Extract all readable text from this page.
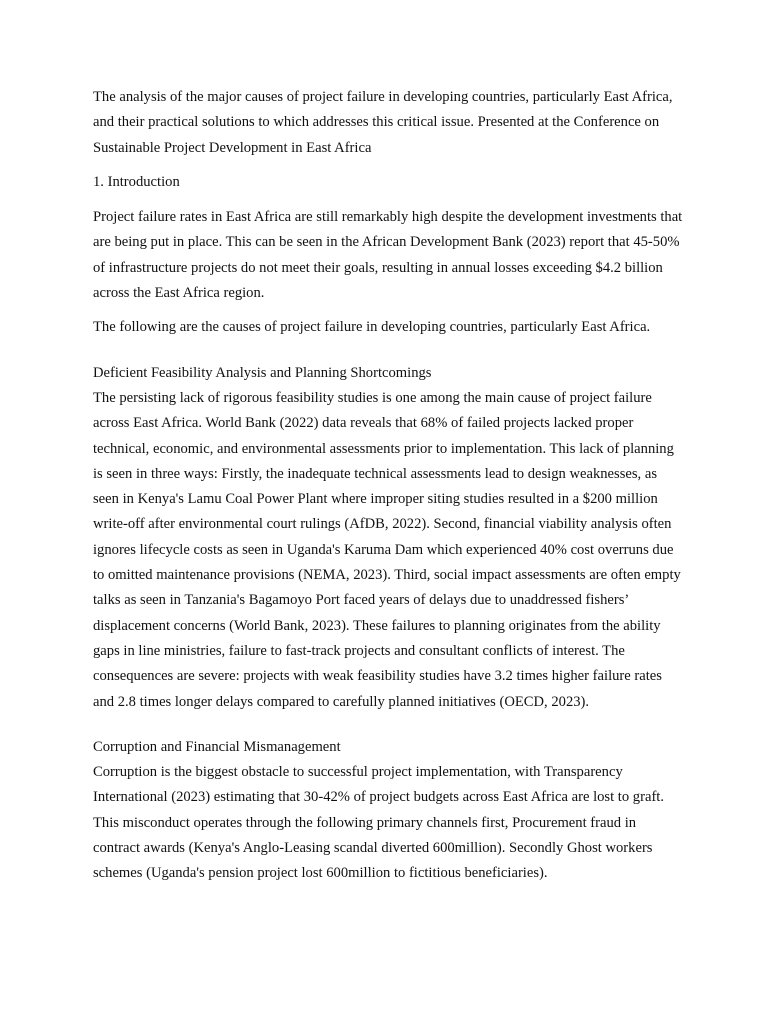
The analysis of the major causes of project failure in developing countries, particularly East Africa, and their practical solutions to which addresses this critical issue. Presented at the Conference on Sustainable Project Development in East Africa

1. Introduction

Project failure rates in East Africa are still remarkably high despite the development investments that are being put in place. This can be seen in the African Development Bank (2023) report that 45-50% of infrastructure projects do not meet their goals, resulting in annual losses exceeding $4.2 billion across the East Africa region.

The following are the causes of project failure in developing countries, particularly East Africa.

Deficient Feasibility Analysis and Planning Shortcomings

The persisting lack of rigorous feasibility studies is one among the main cause of project failure across East Africa. World Bank (2022) data reveals that 68% of failed projects lacked proper technical, economic, and environmental assessments prior to implementation. This lack of planning is seen in three ways: Firstly, the inadequate technical assessments lead to design weaknesses, as seen in Kenya's Lamu Coal Power Plant where improper siting studies resulted in a $200 million write-off after environmental court rulings (AfDB, 2022). Second, financial viability analysis often ignores lifecycle costs as seen in Uganda's Karuma Dam which experienced 40% cost overruns due to omitted maintenance provisions (NEMA, 2023). Third, social impact assessments are often empty talks as seen in Tanzania's Bagamoyo Port faced years of delays due to unaddressed fishers’ displacement concerns (World Bank, 2023). These failures to planning originates from the ability gaps in line ministries, failure to fast-track projects and consultant conflicts of interest. The consequences are severe: projects with weak feasibility studies have 3.2 times higher failure rates and 2.8 times longer delays compared to carefully planned initiatives (OECD, 2023).

Corruption and Financial Mismanagement

Corruption is the biggest obstacle to successful project implementation, with Transparency International (2023) estimating that 30-42% of project budgets across East Africa are lost to graft. This misconduct operates through the following primary channels first, Procurement fraud in contract awards (Kenya's Anglo-Leasing scandal diverted 600million). Secondly Ghost workers schemes (Uganda's pension project lost 600million to fictitious beneficiaries).
